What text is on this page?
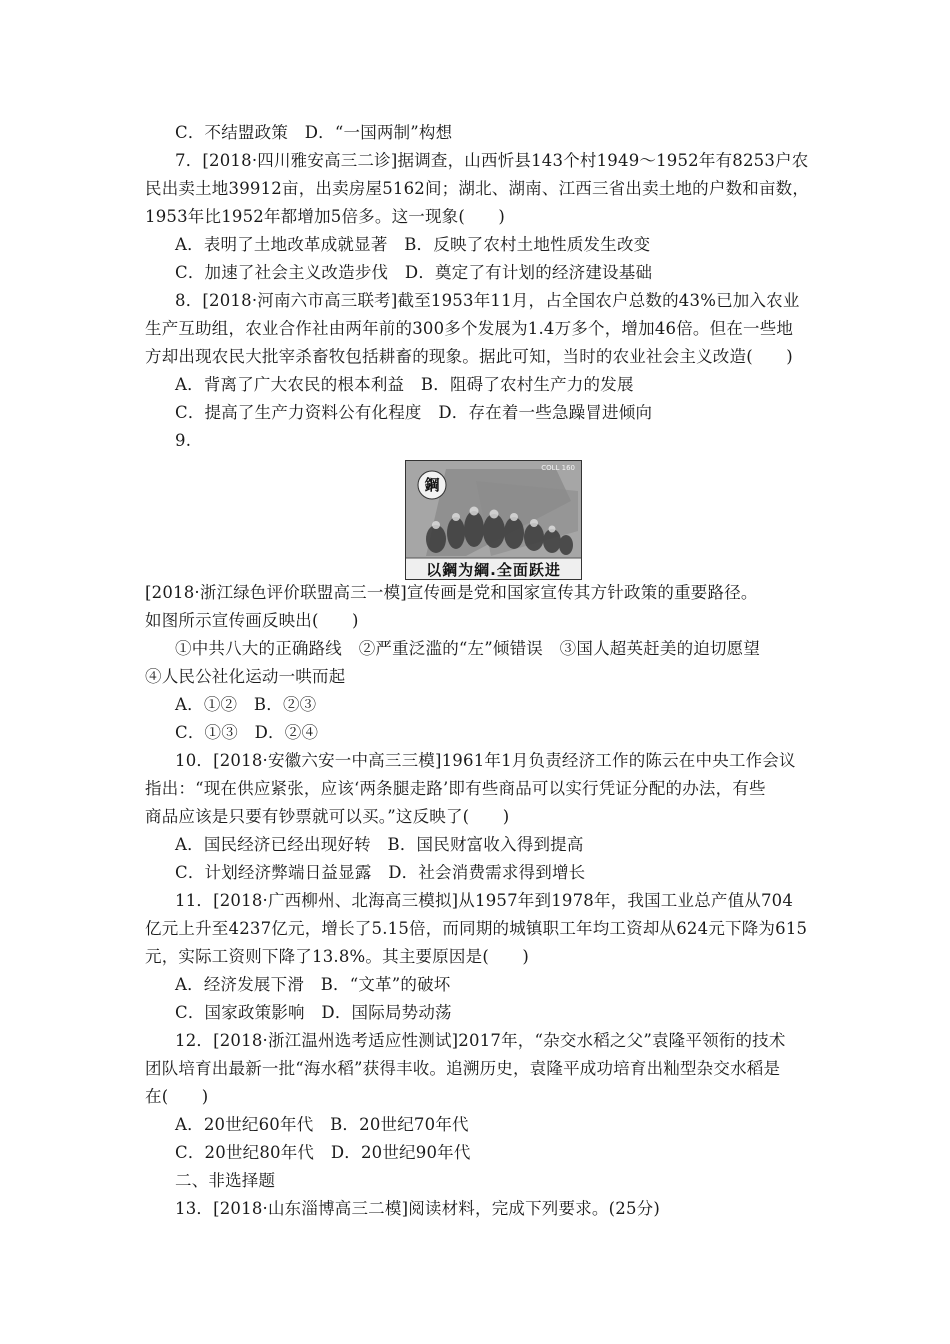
C．不结盟政策　D．“一国两制”构想
7．[2018·四川雅安高三二诊]据调查，山西忻县143个村1949～1952年有8253户农
民出卖土地39912亩，出卖房屋5162间；湖北、湖南、江西三省出卖土地的户数和亩数，
1953年比1952年都增加5倍多。这一现象(　　)
A．表明了土地改革成就显著　B．反映了农村土地性质发生改变
C．加速了社会主义改造步伐　D．奠定了有计划的经济建设基础
8．[2018·河南六市高三联考]截至1953年11月，占全国农户总数的43%已加入农业
生产互助组，农业合作社由两年前的300多个发展为1.4万多个，增加46倍。但在一些地
方却出现农民大批宰杀畜牧包括耕畜的现象。据此可知，当时的农业社会主义改造(　　)
A．背离了广大农民的根本利益　B．阻碍了农村生产力的发展
C．提高了生产力资料公有化程度　D．存在着一些急躁冒进倾向
9.
鋼
COLL 160
以鋼为綱.全面跃进
[2018·浙江绿色评价联盟高三一模]宣传画是党和国家宣传其方针政策的重要路径。
如图所示宣传画反映出(　　)
①中共八大的正确路线　②严重泛滥的“左”倾错误　③国人超英赶美的迫切愿望
④人民公社化运动一哄而起
A．①②　B．②③
C．①③　D．②④
10．[2018·安徽六安一中高三三模]1961年1月负责经济工作的陈云在中央工作会议
指出：“现在供应紧张，应该‘两条腿走路’即有些商品可以实行凭证分配的办法，有些
商品应该是只要有钞票就可以买。”这反映了(　　)
A．国民经济已经出现好转　B．国民财富收入得到提高
C．计划经济弊端日益显露　D．社会消费需求得到增长
11．[2018·广西柳州、北海高三模拟]从1957年到1978年，我国工业总产值从704
亿元上升至4237亿元，增长了5.15倍，而同期的城镇职工年均工资却从624元下降为615
元，实际工资则下降了13.8%。其主要原因是(　　)
A．经济发展下滑　B．“文革”的破坏
C．国家政策影响　D．国际局势动荡
12．[2018·浙江温州选考适应性测试]2017年，“杂交水稻之父”袁隆平领衔的技术
团队培育出最新一批“海水稻”获得丰收。追溯历史，袁隆平成功培育出籼型杂交水稻是
在(　　)
A．20世纪60年代　B．20世纪70年代
C．20世纪80年代　D．20世纪90年代
二、非选择题
13．[2018·山东淄博高三二模]阅读材料，完成下列要求。(25分)
